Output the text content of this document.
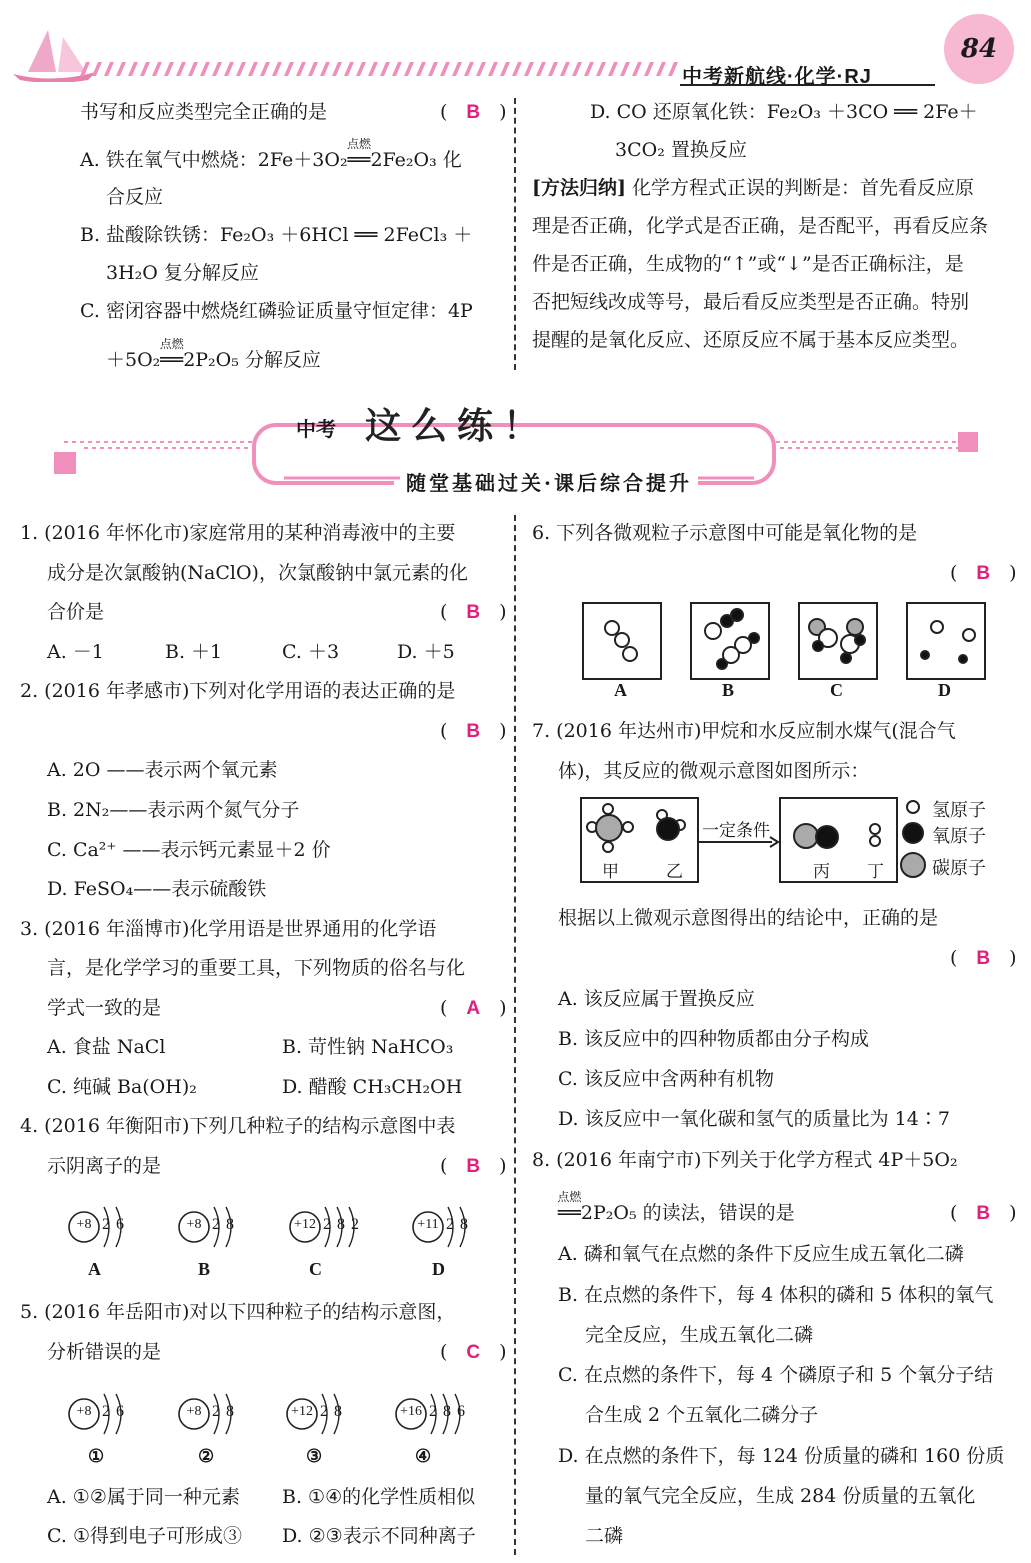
中考新航线·化学·RJ
84
书写和反应类型完全正确的是	(　B　)
A. 铁在氧气中燃烧：2Fe＋3O₂
点燃
══2Fe₂O₃ 化
合反应
B. 盐酸除铁锈：Fe₂O₃ ＋6HCl ══ 2FeCl₃ ＋
3H₂O 复分解反应
C. 密闭容器中燃烧红磷验证质量守恒定律：4P
＋5O₂
点燃
══2P₂O₅ 分解反应
D. CO 还原氧化铁：Fe₂O₃ ＋3CO ══ 2Fe＋
3CO₂ 置换反应
[方法归纳] 化学方程式正误的判断是：首先看反应原
理是否正确，化学式是否正确，是否配平，再看反应条
件是否正确，生成物的“↑”或“↓”是否正确标注，是
否把短线改成等号，最后看反应类型是否正确。特别
提醒的是氧化反应、还原反应不属于基本反应类型。
中考 这么练！
随堂基础过关·课后综合提升
1. (2016 年怀化市)家庭常用的某种消毒液中的主要
成分是次氯酸钠(NaClO)，次氯酸钠中氯元素的化
合价是	(　B　)
A. －1	B. ＋1	C. ＋3	D. ＋5
2. (2016 年孝感市)下列对化学用语的表达正确的是
(　B　)
A. 2O ——表示两个氧元素
B. 2N₂——表示两个氮气分子
C. Ca²⁺ ——表示钙元素显＋2 价
D. FeSO₄——表示硫酸铁
3. (2016 年淄博市)化学用语是世界通用的化学语
言，是化学学习的重要工具，下列物质的俗名与化
学式一致的是	(　A　)
A. 食盐 NaCl	B. 苛性钠 NaHCO₃
C. 纯碱 Ba(OH)₂	D. 醋酸 CH₃CH₂OH
4. (2016 年衡阳市)下列几种粒子的结构示意图中表
示阴离子的是	(　B　)
+8 2 6
A
+8 2 8
B
+12 2 8 2
C
+11 2 8
D
5. (2016 年岳阳市)对以下四种粒子的结构示意图，
分析错误的是	(　C　)
+8 2 6
①
+8 2 8
②
+12 2 8
③
+16 2 8 6
④
A. ①②属于同一种元素 B. ①④的化学性质相似
C. ①得到电子可形成③ D. ②③表示不同种离子
6. 下列各微观粒子示意图中可能是氧化物的是
(　B　)
A	B	C	D
7. (2016 年达州市)甲烷和水反应制水煤气(混合气
体)，其反应的微观示意图如图所示：
甲	乙
一定条件
丙 丁
氢原子
氧原子
碳原子
根据以上微观示意图得出的结论中，正确的是
(　B　)
A. 该反应属于置换反应
B. 该反应中的四种物质都由分子构成
C. 该反应中含两种有机物
D. 该反应中一氧化碳和氢气的质量比为 14∶7
8. (2016 年南宁市)下列关于化学方程式 4P＋5O₂
点燃
══2P₂O₅ 的读法，错误的是	(　B　)
A. 磷和氧气在点燃的条件下反应生成五氧化二磷
B. 在点燃的条件下，每 4 体积的磷和 5 体积的氧气
完全反应，生成五氧化二磷
C. 在点燃的条件下，每 4 个磷原子和 5 个氧分子结
合生成 2 个五氧化二磷分子
D. 在点燃的条件下，每 124 份质量的磷和 160 份质
量的氧气完全反应，生成 284 份质量的五氧化
二磷
